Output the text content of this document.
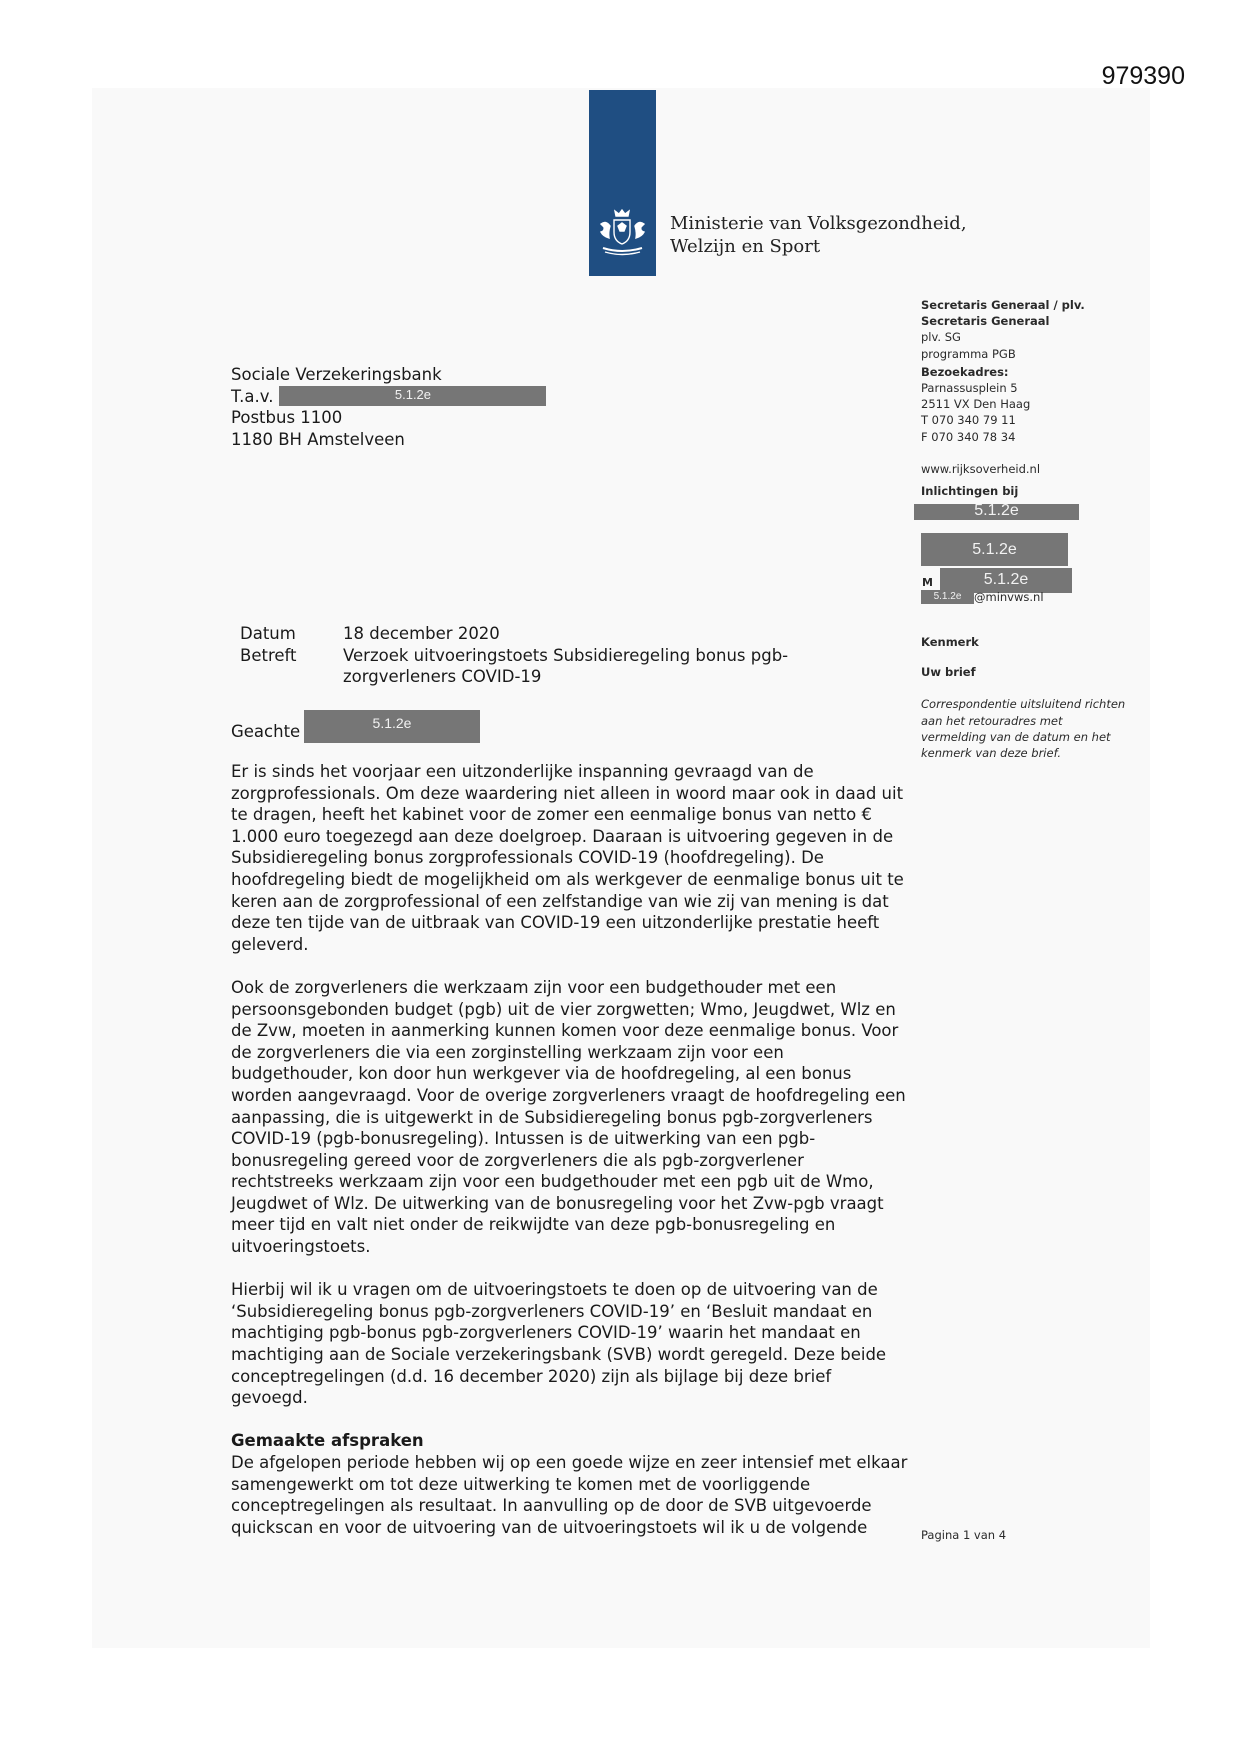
979390
Ministerie van Volksgezondheid,
Welzijn en Sport
Sociale Verzekeringsbank
T.a.v.	5.1.2e
Postbus 1100
1180 BH Amstelveen
Datum	18 december 2020
Betreft	Verzoek uitvoeringstoets Subsidieregeling bonus pgb-zorgverleners COVID-19
Geachte	5.1.2e

Er is sinds het voorjaar een uitzonderlijke inspanning gevraagd van de zorgprofessionals. Om deze waardering niet alleen in woord maar ook in daad uit te dragen, heeft het kabinet voor de zomer een eenmalige bonus van netto € 1.000 euro toegezegd aan deze doelgroep. Daaraan is uitvoering gegeven in de Subsidieregeling bonus zorgprofessionals COVID-19 (hoofdregeling). De hoofdregeling biedt de mogelijkheid om als werkgever de eenmalige bonus uit te keren aan de zorgprofessional of een zelfstandige van wie zij van mening is dat deze ten tijde van de uitbraak van COVID-19 een uitzonderlijke prestatie heeft geleverd.

Ook de zorgverleners die werkzaam zijn voor een budgethouder met een persoonsgebonden budget (pgb) uit de vier zorgwetten; Wmo, Jeugdwet, Wlz en de Zvw, moeten in aanmerking kunnen komen voor deze eenmalige bonus. Voor de zorgverleners die via een zorginstelling werkzaam zijn voor een budgethouder, kon door hun werkgever via de hoofdregeling, al een bonus worden aangevraagd. Voor de overige zorgverleners vraagt de hoofdregeling een aanpassing, die is uitgewerkt in de Subsidieregeling bonus pgb-zorgverleners COVID-19 (pgb-bonusregeling). Intussen is de uitwerking van een pgb-bonusregeling gereed voor de zorgverleners die als pgb-zorgverlener rechtstreeks werkzaam zijn voor een budgethouder met een pgb uit de Wmo, Jeugdwet of Wlz. De uitwerking van de bonusregeling voor het Zvw-pgb vraagt meer tijd en valt niet onder de reikwijdte van deze pgb-bonusregeling en uitvoeringstoets.

Hierbij wil ik u vragen om de uitvoeringstoets te doen op de uitvoering van de ‘Subsidieregeling bonus pgb-zorgverleners COVID-19’ en ‘Besluit mandaat en machtiging pgb-bonus pgb-zorgverleners COVID-19’ waarin het mandaat en machtiging aan de Sociale verzekeringsbank (SVB) wordt geregeld. Deze beide conceptregelingen (d.d. 16 december 2020) zijn als bijlage bij deze brief gevoegd.

Gemaakte afspraken

De afgelopen periode hebben wij op een goede wijze en zeer intensief met elkaar samengewerkt om tot deze uitwerking te komen met de voorliggende conceptregelingen als resultaat. In aanvulling op de door de SVB uitgevoerde quickscan en voor de uitvoering van de uitvoeringstoets wil ik u de volgende

Secretaris Generaal / plv.
Secretaris Generaal
plv. SG
programma PGB
Bezoekadres:
Parnassusplein 5
2511 VX Den Haag
T 070 340 79 11
F 070 340 78 34
www.rijksoverheid.nl
Inlichtingen bij
5.1.2e
5.1.2e
M	5.1.2e
5.1.2e @minvws.nl
Kenmerk
Uw brief
Correspondentie uitsluitend richten aan het retouradres met vermelding van de datum en het kenmerk van deze brief.
Pagina 1 van 4
